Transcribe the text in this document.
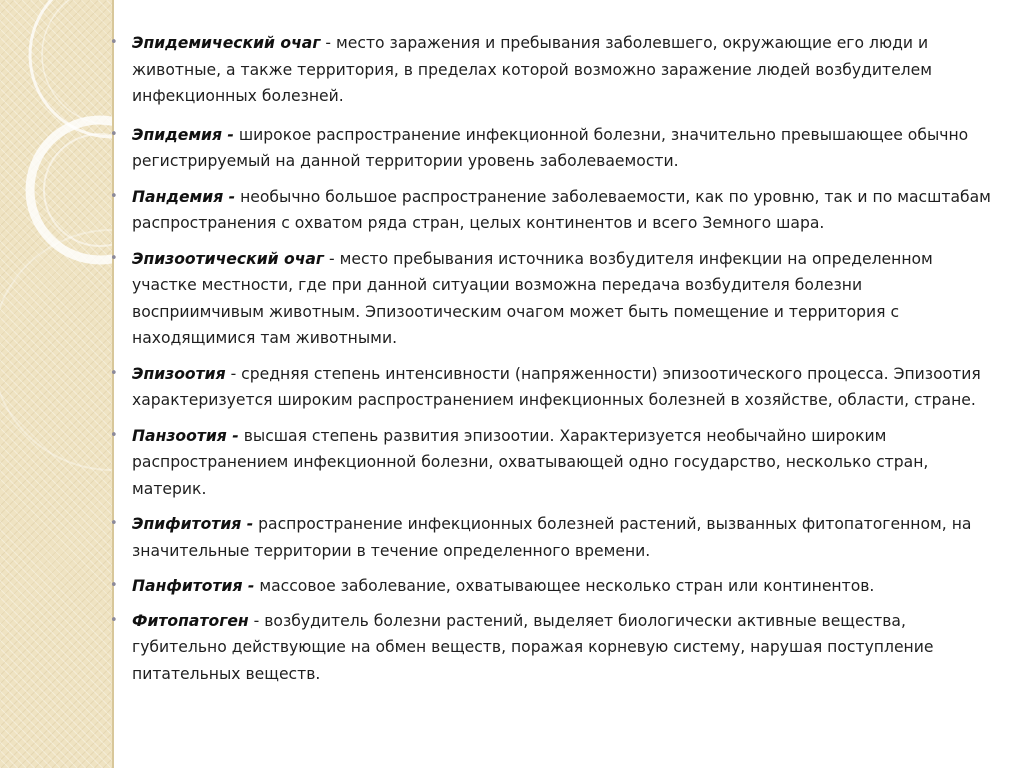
• Эпидемический очаг - место заражения и пребывания заболевшего, окружающие его люди и животные, а также территория, в пределах которой возможно заражение людей возбудителем инфекционных болезней.
• Эпидемия - широкое распространение инфекционной болезни, значительно превышающее обычно регистрируемый на данной территории уровень заболеваемости.
• Пандемия - необычно большое распространение заболеваемости, как по уровню, так и по масштабам распространения с охватом ряда стран, целых континентов и всего Земного шара.
• Эпизоотический очаг - место пребывания источника возбудителя инфекции на определенном участке местности, где при данной ситуации возможна передача возбудителя болезни восприимчивым животным. Эпизоотическим очагом может быть помещение и территория с находящимися там животными.
• Эпизоотия - средняя степень интенсивности (напряженности) эпизоотического процесса. Эпизоотия характеризуется широким распространением инфекционных болезней в хозяйстве, области, стране.
• Панзоотия - высшая степень развития эпизоотии. Характеризуется необычайно широким распространением инфекционной болезни, охватывающей одно государство, несколько стран, материк.
• Эпифитотия - распространение инфекционных болезней растений, вызванных фитопатогенном, на значительные территории в течение определенного времени.
• Панфитотия - массовое заболевание, охватывающее несколько стран или континентов.
• Фитопатоген - возбудитель болезни растений, выделяет биологически активные вещества, губительно действующие на обмен веществ, поражая корневую систему, нарушая поступление питательных веществ.
